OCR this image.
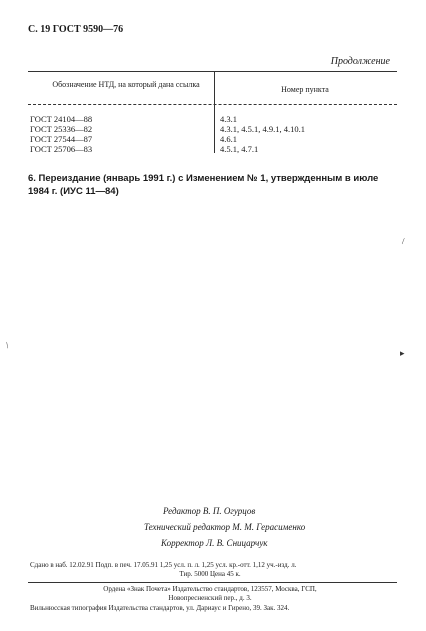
С. 19 ГОСТ 9590—76
Продолжение
Обозначение НТД, на который дана ссылка
Номер пункта
ГОСТ 24104—88
ГОСТ 25336—82
ГОСТ 27544—87
ГОСТ 25706—83
4.3.1
4.3.1, 4.5.1, 4.9.1, 4.10.1
4.6.1
4.5.1, 4.7.1
6. Переиздание (январь 1991 г.) с Изменением № 1, утвержденным в июле 1984 г. (ИУС 11—84)
Редактор В. П. Огурцов
Технический редактор М. М. Герасименко
Корректор Л. В. Сницарчук
Сдано в наб. 12.02.91 Подп. в печ. 17.05.91 1,25 усл. п. л. 1,25 усл. кр.-отт. 1,12 уч.-изд. л.
Тир. 5000 Цена 45 к.
Ордена «Знак Почета» Издательство стандартов, 123557, Москва, ГСП,
Новопресненский пер., д. 3.
Вильнюсская типография Издательства стандартов, ул. Дариаус и Гирено, 39. Зак. 324.
\
▸
/
